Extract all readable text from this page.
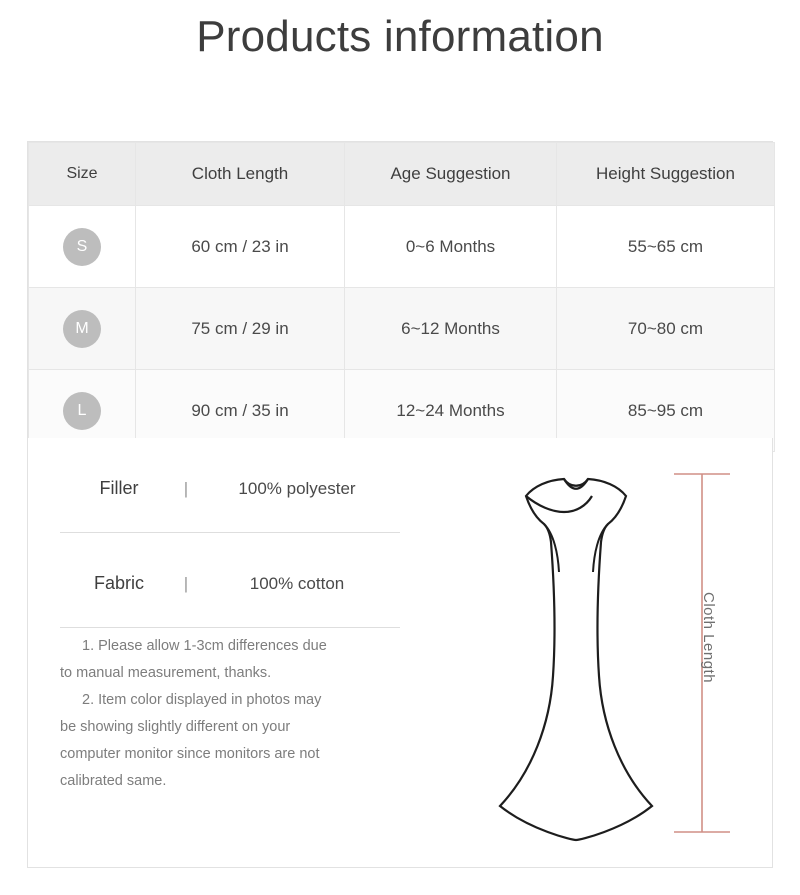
Products information
Size	Cloth Length	Age Suggestion	Height Suggestion
S	60 cm / 23 in	0~6 Months	55~65 cm
M	75 cm / 29 in	6~12 Months	70~80 cm
L	90 cm / 35 in	12~24 Months	85~95 cm
Filler	|	100% polyester
Fabric	|	100% cotton

1. Please allow 1-3cm differences due

to manual measurement, thanks.

2. Item color displayed in photos may

be showing slightly different on your

computer monitor since monitors are not

calibrated same.

Cloth Length
